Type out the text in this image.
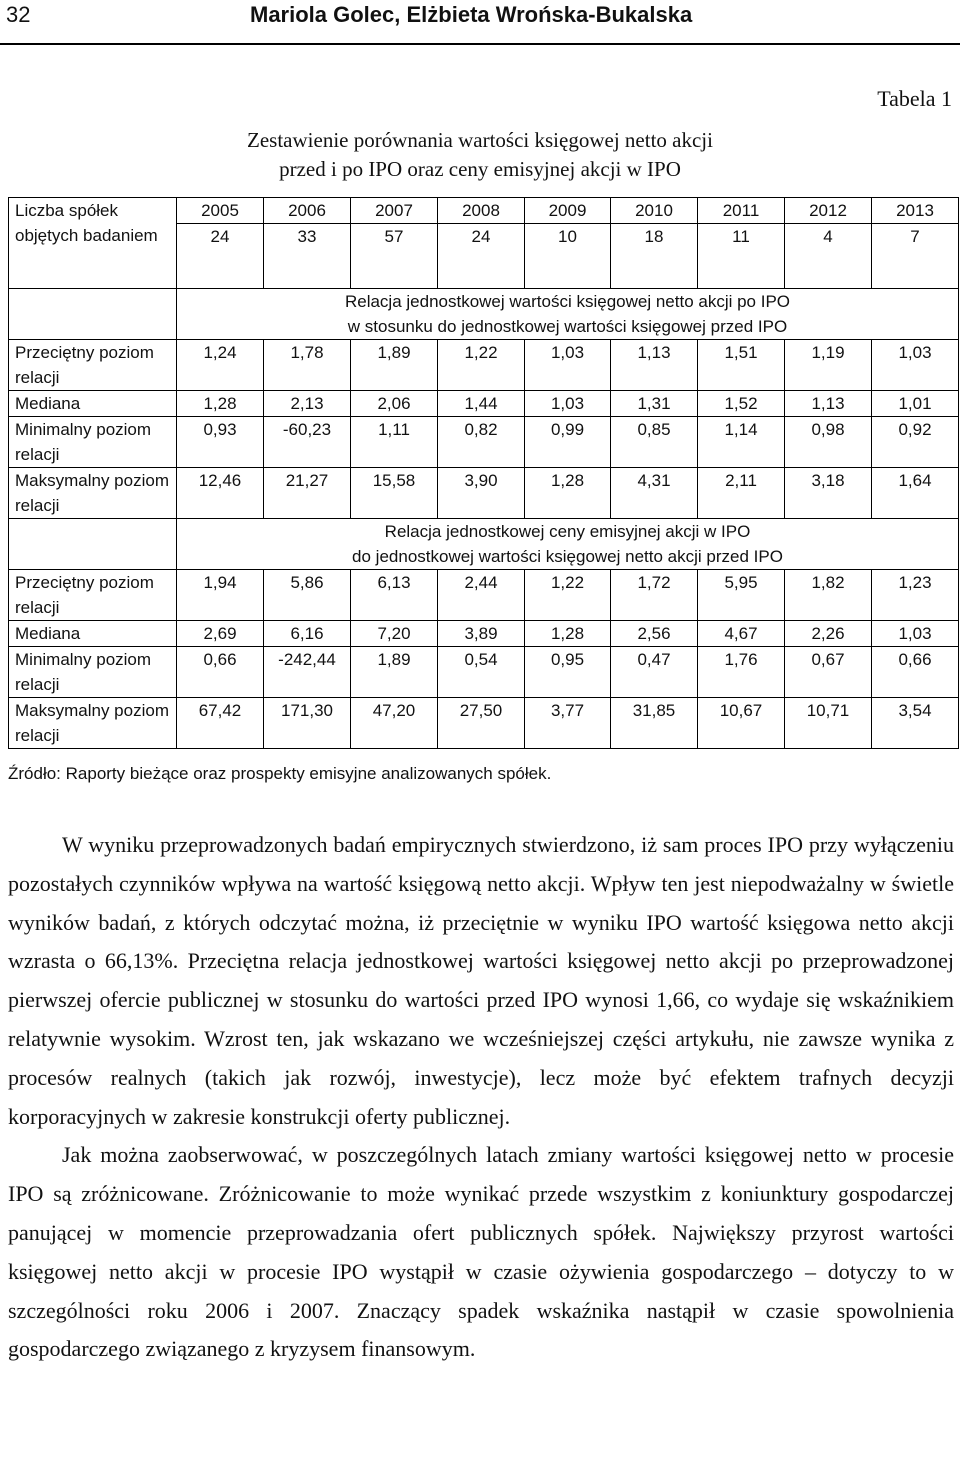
32	Mariola Golec, Elżbieta Wrońska-Bukalska
Tabela 1
Zestawienie porównania wartości księgowej netto akcji
przed i po IPO oraz ceny emisyjnej akcji w IPO
Liczba spółek objętych badaniem	2005	2006	2007	2008	2009	2010	2011	2012	2013
	24	33	57	24	10	18	11	4	7
	Relacja jednostkowej wartości księgowej netto akcji po IPO
w stosunku do jednostkowej wartości księgowej przed IPO								
Przeciętny poziom relacji	1,24	1,78	1,89	1,22	1,03	1,13	1,51	1,19	1,03
Mediana	1,28	2,13	2,06	1,44	1,03	1,31	1,52	1,13	1,01
Minimalny poziom relacji	0,93	-60,23	1,11	0,82	0,99	0,85	1,14	0,98	0,92
Maksymalny poziom relacji	12,46	21,27	15,58	3,90	1,28	4,31	2,11	3,18	1,64
	Relacja jednostkowej ceny emisyjnej akcji w IPO
do jednostkowej wartości księgowej netto akcji przed IPO								
Przeciętny poziom relacji	1,94	5,86	6,13	2,44	1,22	1,72	5,95	1,82	1,23
Mediana	2,69	6,16	7,20	3,89	1,28	2,56	4,67	2,26	1,03
Minimalny poziom relacji	0,66	-242,44	1,89	0,54	0,95	0,47	1,76	0,67	0,66
Maksymalny poziom relacji	67,42	171,30	47,20	27,50	3,77	31,85	10,67	10,71	3,54
Źródło: Raporty bieżące oraz prospekty emisyjne analizowanych spółek.

W wyniku przeprowadzonych badań empirycznych stwierdzono, iż sam proces IPO przy wyłączeniu pozostałych czynników wpływa na wartość księgową netto akcji. Wpływ ten jest niepodważalny w świetle wyników badań, z których odczytać można, iż przeciętnie w wyniku IPO wartość księgowa netto akcji wzrasta o 66,13%. Przeciętna relacja jednostkowej wartości księgowej netto akcji po przeprowadzonej pierwszej ofercie publicznej w stosunku do wartości przed IPO wynosi 1,66, co wydaje się wskaźnikiem relatywnie wysokim. Wzrost ten, jak wskazano we wcześniejszej części artykułu, nie zawsze wynika z procesów realnych (takich jak rozwój, inwestycje), lecz może być efektem trafnych decyzji korporacyjnych w zakresie konstrukcji oferty publicznej.

Jak można zaobserwować, w poszczególnych latach zmiany wartości księgowej netto w procesie IPO są zróżnicowane. Zróżnicowanie to może wynikać przede wszystkim z koniunktury gospodarczej panującej w momencie przeprowadzania ofert publicznych spółek. Największy przyrost wartości księgowej netto akcji w procesie IPO wystąpił w czasie ożywienia gospodarczego – dotyczy to w szczególności roku 2006 i 2007. Znaczący spadek wskaźnika nastąpił w czasie spowolnienia gospodarczego związanego z kryzysem finansowym.
